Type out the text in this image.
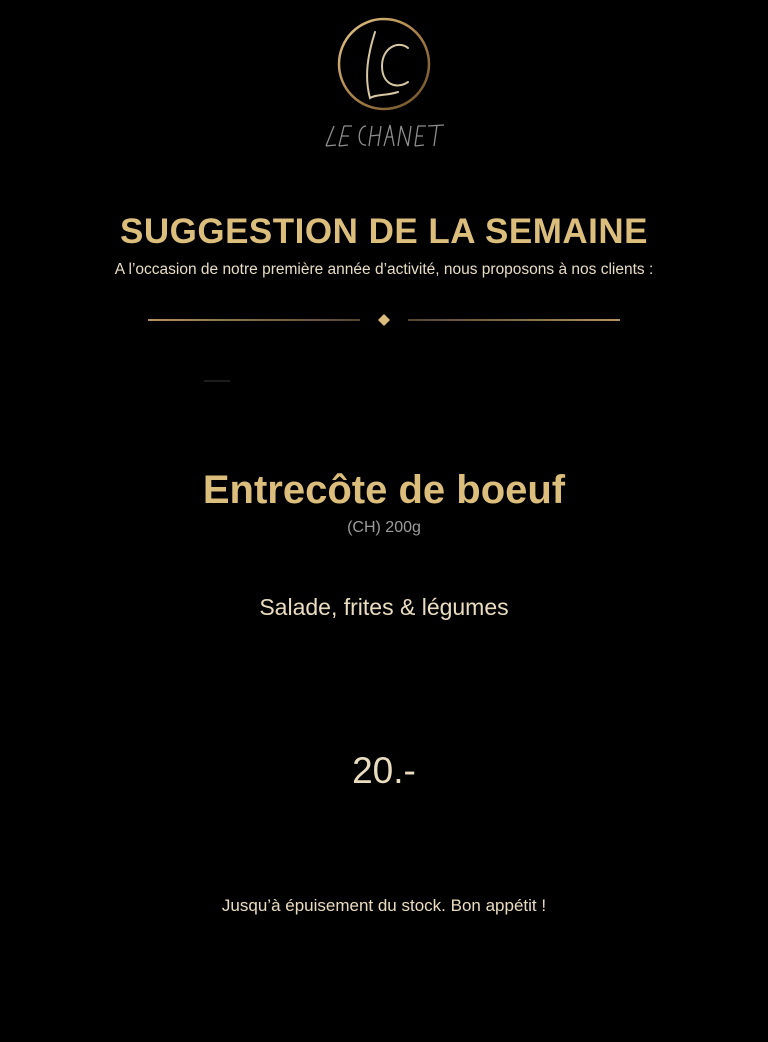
SUGGESTION DE LA SEMAINE
A l’occasion de notre première année d’activité, nous proposons à nos clients :
Entrecôte de boeuf
(CH) 200g
Salade, frites & légumes
20.-
Jusqu’à épuisement du stock. Bon appétit !
